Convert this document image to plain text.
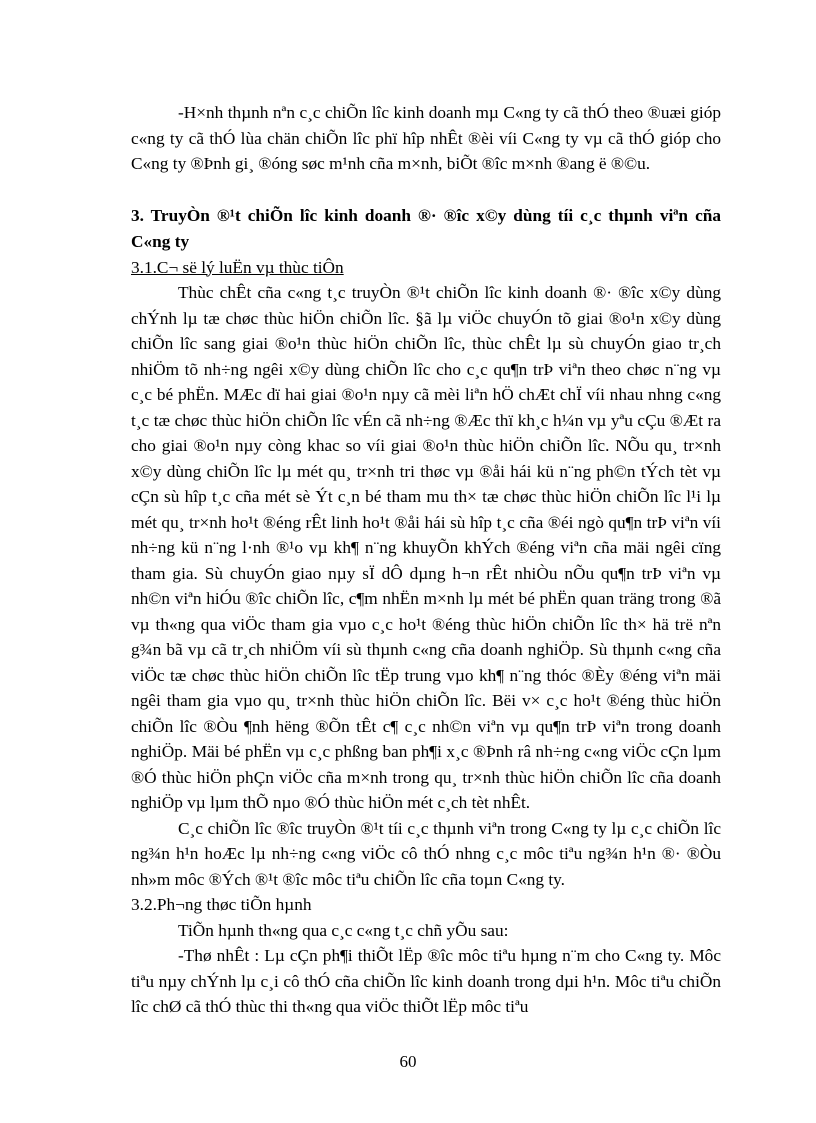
-H×nh thµnh nªn c¸c chiÕn lîc kinh doanh mµ C«ng ty cã thÓ theo ®uæi gióp c«ng ty cã thÓ lùa chän chiÕn lîc phï hîp nhÊt ®èi víi C«ng ty vµ cã thÓ gióp cho C«ng ty ®Þnh gi¸ ®óng søc m¹nh cña m×nh, biÕt ®îc m×nh ®ang ë ®©u.

3. TruyÒn ®¹t chiÕn lîc kinh doanh ®· ®îc x©y dùng tíi c¸c thµnh viªn cña C«ng ty

3.1.C¬ së lý luËn vµ thùc tiÔn

Thùc chÊt cña c«ng t¸c truyÒn ®¹t chiÕn lîc kinh doanh ®· ®îc x©y dùng chÝnh lµ tæ chøc thùc hiÖn chiÕn lîc. §ã lµ viÖc chuyÓn tõ giai ®o¹n x©y dùng chiÕn lîc sang giai ®o¹n thùc hiÖn chiÕn lîc, thùc chÊt lµ sù chuyÓn giao tr¸ch nhiÖm tõ nh÷ng ngêi x©y dùng chiÕn lîc cho c¸c qu¶n trÞ viªn theo chøc n¨ng vµ c¸c bé phËn. MÆc dï hai giai ®o¹n nµy cã mèi liªn hÖ chÆt chÏ víi nhau nhng c«ng t¸c tæ chøc thùc hiÖn chiÕn lîc vÉn cã nh÷ng ®Æc thï kh¸c h¼n vµ yªu cÇu ®Æt ra cho giai ®o¹n nµy còng khac so víi giai ®o¹n thùc hiÖn chiÕn lîc. NÕu qu¸ tr×nh x©y dùng chiÕn lîc lµ mét qu¸ tr×nh tri thøc vµ ®åi hái kü n¨ng ph©n tÝch tèt vµ cÇn sù hîp t¸c cña mét sè Ýt c¸n bé tham mu th× tæ chøc thùc hiÖn chiÕn lîc l¹i lµ mét qu¸ tr×nh ho¹t ®éng rÊt linh ho¹t ®åi hái sù hîp t¸c cña ®éi ngò qu¶n trÞ viªn víi nh÷ng kü n¨ng l·nh ®¹o vµ kh¶ n¨ng khuyÕn khÝch ®éng viªn cña mäi ngêi cïng tham gia. Sù chuyÓn giao nµy sÏ dÔ dµng h¬n rÊt nhiÒu nÕu qu¶n trÞ viªn vµ nh©n viªn hiÓu ®îc chiÕn lîc, c¶m nhËn m×nh lµ mét bé phËn quan träng trong ®ã vµ th«ng qua viÖc tham gia vµo c¸c ho¹t ®éng thùc hiÖn chiÕn lîc th× hä trë nªn g¾n bã vµ cã tr¸ch nhiÖm víi sù thµnh c«ng cña doanh nghiÖp. Sù thµnh c«ng cña viÖc tæ chøc thùc hiÖn chiÕn lîc tËp trung vµo kh¶ n¨ng thóc ®Èy ®éng viªn mäi ngêi tham gia vµo qu¸ tr×nh thùc hiÖn chiÕn lîc. Bëi v× c¸c ho¹t ®éng thùc hiÖn chiÕn lîc ®Òu ¶nh hëng ®Õn tÊt c¶ c¸c nh©n viªn vµ qu¶n trÞ viªn trong doanh nghiÖp. Mäi bé phËn vµ c¸c phßng ban ph¶i x¸c ®Þnh râ nh÷ng c«ng viÖc cÇn lµm ®Ó thùc hiÖn phÇn viÖc cña m×nh trong qu¸ tr×nh thùc hiÖn chiÕn lîc cña doanh nghiÖp vµ lµm thÕ nµo ®Ó thùc hiÖn mét c¸ch tèt nhÊt.

C¸c chiÕn lîc ®îc truyÒn ®¹t tíi c¸c thµnh viªn trong C«ng ty lµ c¸c chiÕn lîc ng¾n h¹n hoÆc lµ nh÷ng c«ng viÖc cô thÓ nhng c¸c môc tiªu ng¾n h¹n ®· ®Òu nh»m môc ®Ých ®¹t ®îc môc tiªu chiÕn lîc cña toµn C«ng ty.

3.2.Ph¬ng thøc tiÕn hµnh

TiÕn hµnh th«ng qua c¸c c«ng t¸c chñ yÕu sau:

-Thø nhÊt : Lµ cÇn ph¶i thiÕt lËp ®îc môc tiªu hµng n¨m cho C«ng ty. Môc tiªu nµy chÝnh lµ c¸i cô thÓ cña chiÕn lîc kinh doanh trong dµi h¹n. Môc tiªu chiÕn lîc chØ cã thÓ thùc thi th«ng qua viÖc thiÕt lËp môc tiªu

60
